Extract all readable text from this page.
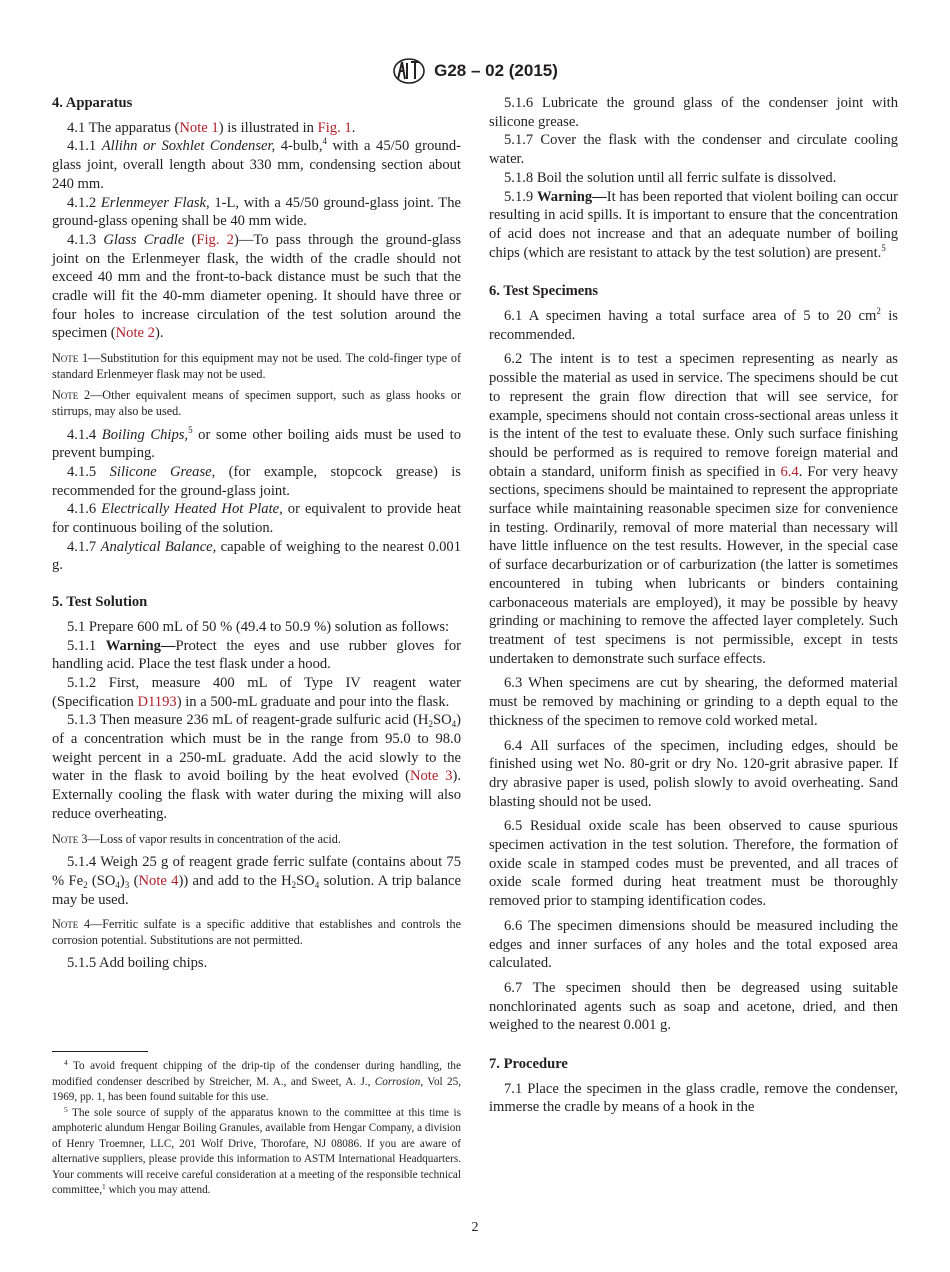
G28 – 02 (2015)
4. Apparatus

4.1 The apparatus (Note 1) is illustrated in Fig. 1.

4.1.1 Allihn or Soxhlet Condenser, 4-bulb,$^4$ with a 45/50 ground-glass joint, overall length about 330 mm, condensing section about 240 mm.

4.1.2 Erlenmeyer Flask, 1-L, with a 45/50 ground-glass joint. The ground-glass opening shall be 40 mm wide.

4.1.3 Glass Cradle (Fig. 2)—To pass through the ground-glass joint on the Erlenmeyer flask, the width of the cradle should not exceed 40 mm and the front-to-back distance must be such that the cradle will fit the 40-mm diameter opening. It should have three or four holes to increase circulation of the test solution around the specimen (Note 2).

Note 1—Substitution for this equipment may not be used. The cold-finger type of standard Erlenmeyer flask may not be used.

Note 2—Other equivalent means of specimen support, such as glass hooks or stirrups, may also be used.

4.1.4 Boiling Chips,$^5$ or some other boiling aids must be used to prevent bumping.

4.1.5 Silicone Grease, (for example, stopcock grease) is recommended for the ground-glass joint.

4.1.6 Electrically Heated Hot Plate, or equivalent to provide heat for continuous boiling of the solution.

4.1.7 Analytical Balance, capable of weighing to the nearest 0.001 g.

5. Test Solution

5.1 Prepare 600 mL of 50 % (49.4 to 50.9 %) solution as follows:

5.1.1 Warning—Protect the eyes and use rubber gloves for handling acid. Place the test flask under a hood.

5.1.2 First, measure 400 mL of Type IV reagent water (Specification D1193) in a 500-mL graduate and pour into the flask.

5.1.3 Then measure 236 mL of reagent-grade sulfuric acid $(H_2SO_4)$ of a concentration which must be in the range from 95.0 to 98.0 weight percent in a 250-mL graduate. Add the acid slowly to the water in the flask to avoid boiling by the heat evolved (Note 3). Externally cooling the flask with water during the mixing will also reduce overheating.

Note 3—Loss of vapor results in concentration of the acid.

5.1.4 Weigh 25 g of reagent grade ferric sulfate (contains about 75 % $Fe_2$ $(SO_4)_3$ (Note 4)) and add to the $H_2SO_4$ solution. A trip balance may be used.

Note 4—Ferritic sulfate is a specific additive that establishes and controls the corrosion potential. Substitutions are not permitted.

5.1.5 Add boiling chips.

5.1.6 Lubricate the ground glass of the condenser joint with silicone grease.

5.1.7 Cover the flask with the condenser and circulate cooling water.

5.1.8 Boil the solution until all ferric sulfate is dissolved.

5.1.9 Warning—It has been reported that violent boiling can occur resulting in acid spills. It is important to ensure that the concentration of acid does not increase and that an adequate number of boiling chips (which are resistant to attack by the test solution) are present.$^5$

6. Test Specimens

6.1 A specimen having a total surface area of 5 to 20 $cm^2$ is recommended.

6.2 The intent is to test a specimen representing as nearly as possible the material as used in service. The specimens should be cut to represent the grain flow direction that will see service, for example, specimens should not contain cross-sectional areas unless it is the intent of the test to evaluate these. Only such surface finishing should be performed as is required to remove foreign material and obtain a standard, uniform finish as specified in 6.4. For very heavy sections, specimens should be maintained to represent the appropriate surface while maintaining reasonable specimen size for convenience in testing. Ordinarily, removal of more material than necessary will have little influence on the test results. However, in the special case of surface decarburization or of carburization (the latter is sometimes encountered in tubing when lubricants or binders containing carbonaceous materials are employed), it may be possible by heavy grinding or machining to remove the affected layer completely. Such treatment of test specimens is not permissible, except in tests undertaken to demonstrate such surface effects.

6.3 When specimens are cut by shearing, the deformed material must be removed by machining or grinding to a depth equal to the thickness of the specimen to remove cold worked metal.

6.4 All surfaces of the specimen, including edges, should be finished using wet No. 80-grit or dry No. 120-grit abrasive paper. If dry abrasive paper is used, polish slowly to avoid overheating. Sand blasting should not be used.

6.5 Residual oxide scale has been observed to cause spurious specimen activation in the test solution. Therefore, the formation of oxide scale in stamped codes must be prevented, and all traces of oxide scale formed during heat treatment must be thoroughly removed prior to stamping identification codes.

6.6 The specimen dimensions should be measured including the edges and inner surfaces of any holes and the total exposed area calculated.

6.7 The specimen should then be degreased using suitable nonchlorinated agents such as soap and acetone, dried, and then weighed to the nearest 0.001 g.

7. Procedure

7.1 Place the specimen in the glass cradle, remove the condenser, immerse the cradle by means of a hook in the

$^4$ To avoid frequent chipping of the drip-tip of the condenser during handling, the modified condenser described by Streicher, M. A., and Sweet, A. J., Corrosion, Vol 25, 1969, pp. 1, has been found suitable for this use.

$^5$ The sole source of supply of the apparatus known to the committee at this time is amphoteric alundum Hengar Boiling Granules, available from Hengar Company, a division of Henry Troemner, LLC, 201 Wolf Drive, Thorofare, NJ 08086. If you are aware of alternative suppliers, please provide this information to ASTM International Headquarters. Your comments will receive careful consideration at a meeting of the responsible technical committee,$^1$ which you may attend.

2
